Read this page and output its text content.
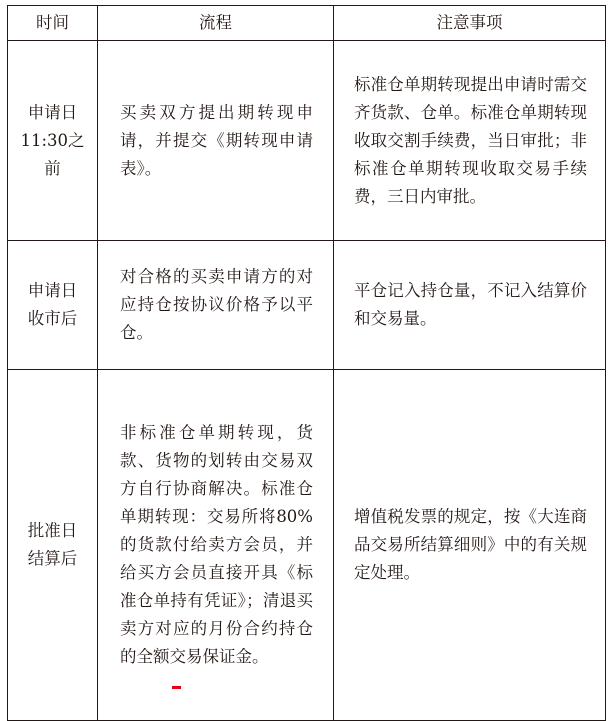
时间	流程	注意事项

申请日
11:30之前	买卖双方提出期转现申请，并提交《期转现申请表》。	标准仓单期转现提出申请时需交齐货款、仓单。标准仓单期转现收取交割手续费，当日审批；非标准仓单期转现收取交易手续费，三日内审批。

申请日
收市后	对合格的买卖申请方的对应持仓按协议价格予以平仓。	平仓记入持仓量，不记入结算价和交易量。

批准日
结算后	非标准仓单期转现，货款、货物的划转由交易双方自行协商解决。标准仓单期转现：交易所将80%的货款付给卖方会员，并给买方会员直接开具《标准仓单持有凭证》；清退买卖方对应的月份合约持仓的全额交易保证金。	增值税发票的规定，按《大连商品交易所结算细则》中的有关规定处理。
